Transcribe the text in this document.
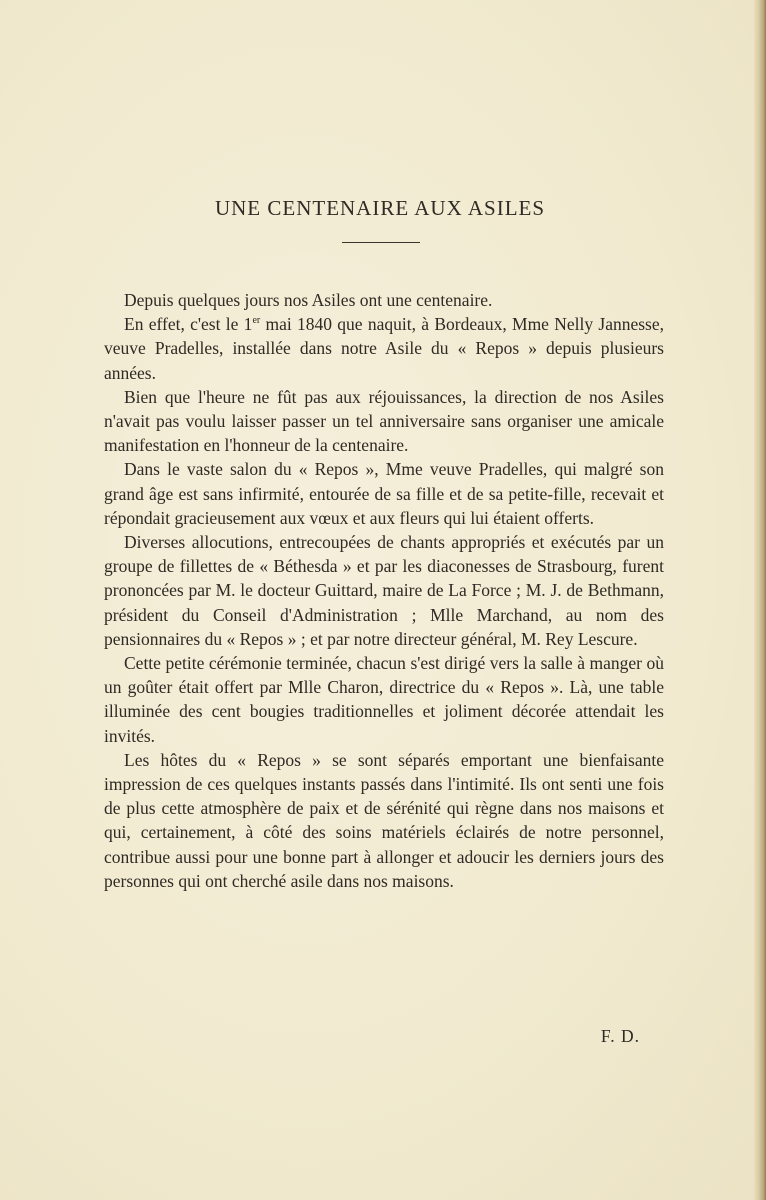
UNE CENTENAIRE AUX ASILES

Depuis quelques jours nos Asiles ont une centenaire.

En effet, c'est le 1er mai 1840 que naquit, à Bordeaux, Mme Nelly Jannesse, veuve Pradelles, installée dans notre Asile du « Repos » depuis plusieurs années.

Bien que l'heure ne fût pas aux réjouissances, la direction de nos Asiles n'avait pas voulu laisser passer un tel anniversaire sans organiser une amicale manifestation en l'honneur de la centenaire.

Dans le vaste salon du « Repos », Mme veuve Pradelles, qui malgré son grand âge est sans infirmité, entourée de sa fille et de sa petite-fille, recevait et répondait gracieusement aux vœux et aux fleurs qui lui étaient offerts.

Diverses allocutions, entrecoupées de chants appropriés et exécutés par un groupe de fillettes de « Béthesda » et par les diaconesses de Strasbourg, furent prononcées par M. le docteur Guittard, maire de La Force ; M. J. de Bethmann, président du Conseil d'Administration ; Mlle Marchand, au nom des pensionnaires du « Repos » ; et par notre directeur général, M. Rey Lescure.

Cette petite cérémonie terminée, chacun s'est dirigé vers la salle à manger où un goûter était offert par Mlle Charon, directrice du « Repos ». Là, une table illuminée des cent bougies traditionnelles et joliment décorée attendait les invités.

Les hôtes du « Repos » se sont séparés emportant une bienfaisante impression de ces quelques instants passés dans l'intimité. Ils ont senti une fois de plus cette atmosphère de paix et de sérénité qui règne dans nos maisons et qui, certainement, à côté des soins matériels éclairés de notre personnel, contribue aussi pour une bonne part à allonger et adoucir les derniers jours des personnes qui ont cherché asile dans nos maisons.

F. D.
